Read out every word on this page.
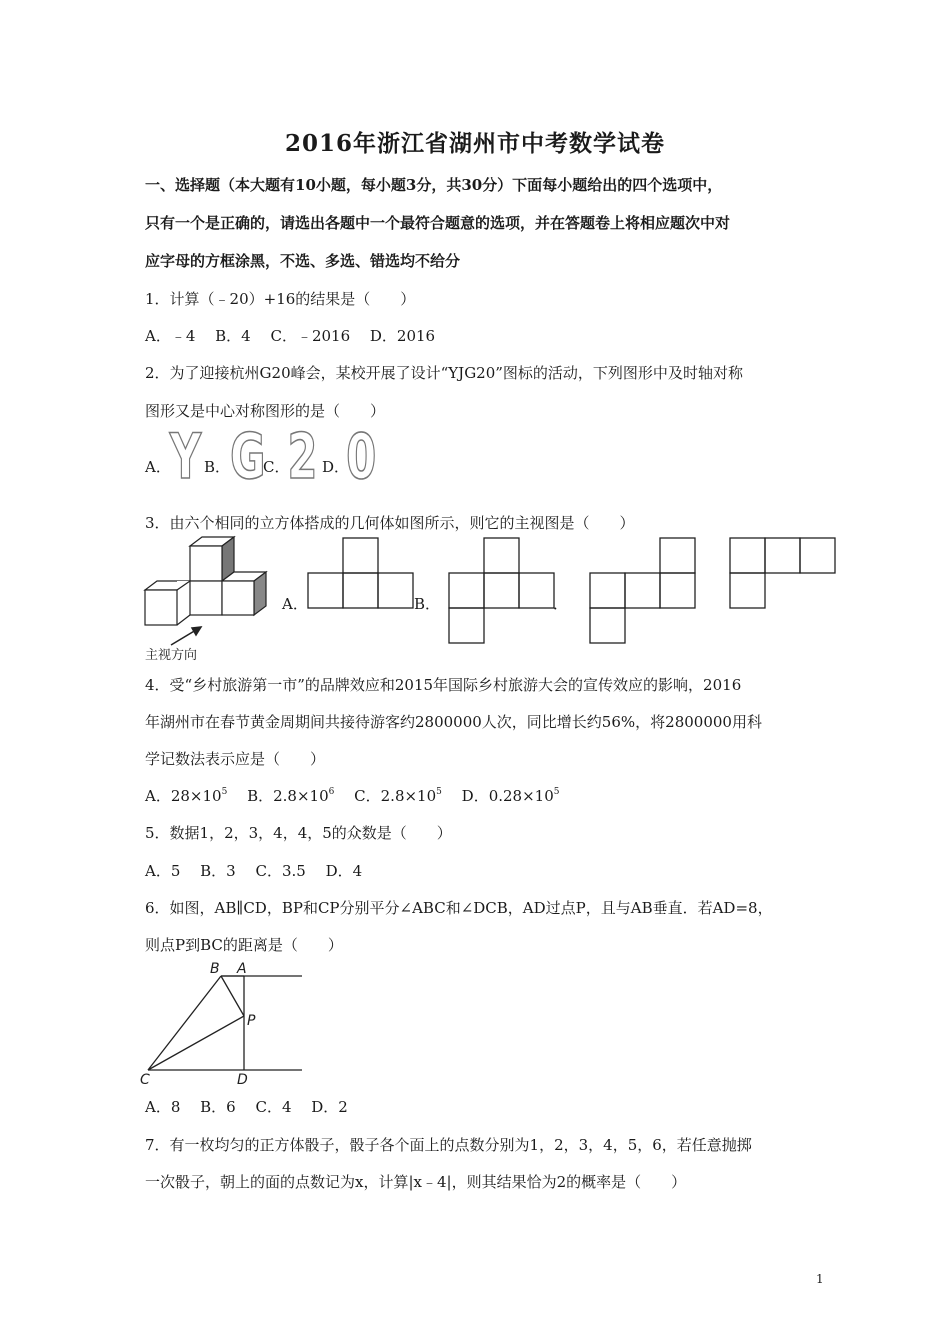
2016年浙江省湖州市中考数学试卷
一、选择题（本大题有10小题，每小题3分，共30分）下面每小题给出的四个选项中，
只有一个是正确的，请选出各题中一个最符合题意的选项，并在答题卷上将相应题次中对
应字母的方框涂黑，不选、多选、错选均不给分
1．计算（﹣20）+16的结果是（　　）
A．﹣4　 B．4　 C．﹣2016　 D．2016
2．为了迎接杭州G20峰会，某校开展了设计“YJG20”图标的活动，下列图形中及时轴对称
图形又是中心对称图形的是（　　）
A． B． C． D．
Y G 2 0
3．由六个相同的立方体搭成的几何体如图所示，则它的主视图是（　　）
主视方向
A．	B．	．
4．受“乡村旅游第一市”的品牌效应和2015年国际乡村旅游大会的宣传效应的影响，2016
年湖州市在春节黄金周期间共接待游客约2800000人次，同比增长约56%，将2800000用科
学记数法表示应是（　　）
A．$28\times 10^5$　 B．$2.8\times 10^6$　 C．$2.8\times 10^5$　 D．$0.28\times 10^5$
5．数据1，2，3，4，4，5的众数是（　　）
A．5　 B．3　 C．3.5　 D．4
6．如图，AB∥CD，BP和CP分别平分∠ABC和∠DCB，AD过点P，且与AB垂直．若AD=8，
则点P到BC的距离是（　　）
B A
P
C	D
A．8　 B．6　 C．4　 D．2
7．有一枚均匀的正方体骰子，骰子各个面上的点数分别为1，2，3，4，5，6，若任意抛掷
一次骰子，朝上的面的点数记为x，计算|x﹣4|，则其结果恰为2的概率是（　　）
1
